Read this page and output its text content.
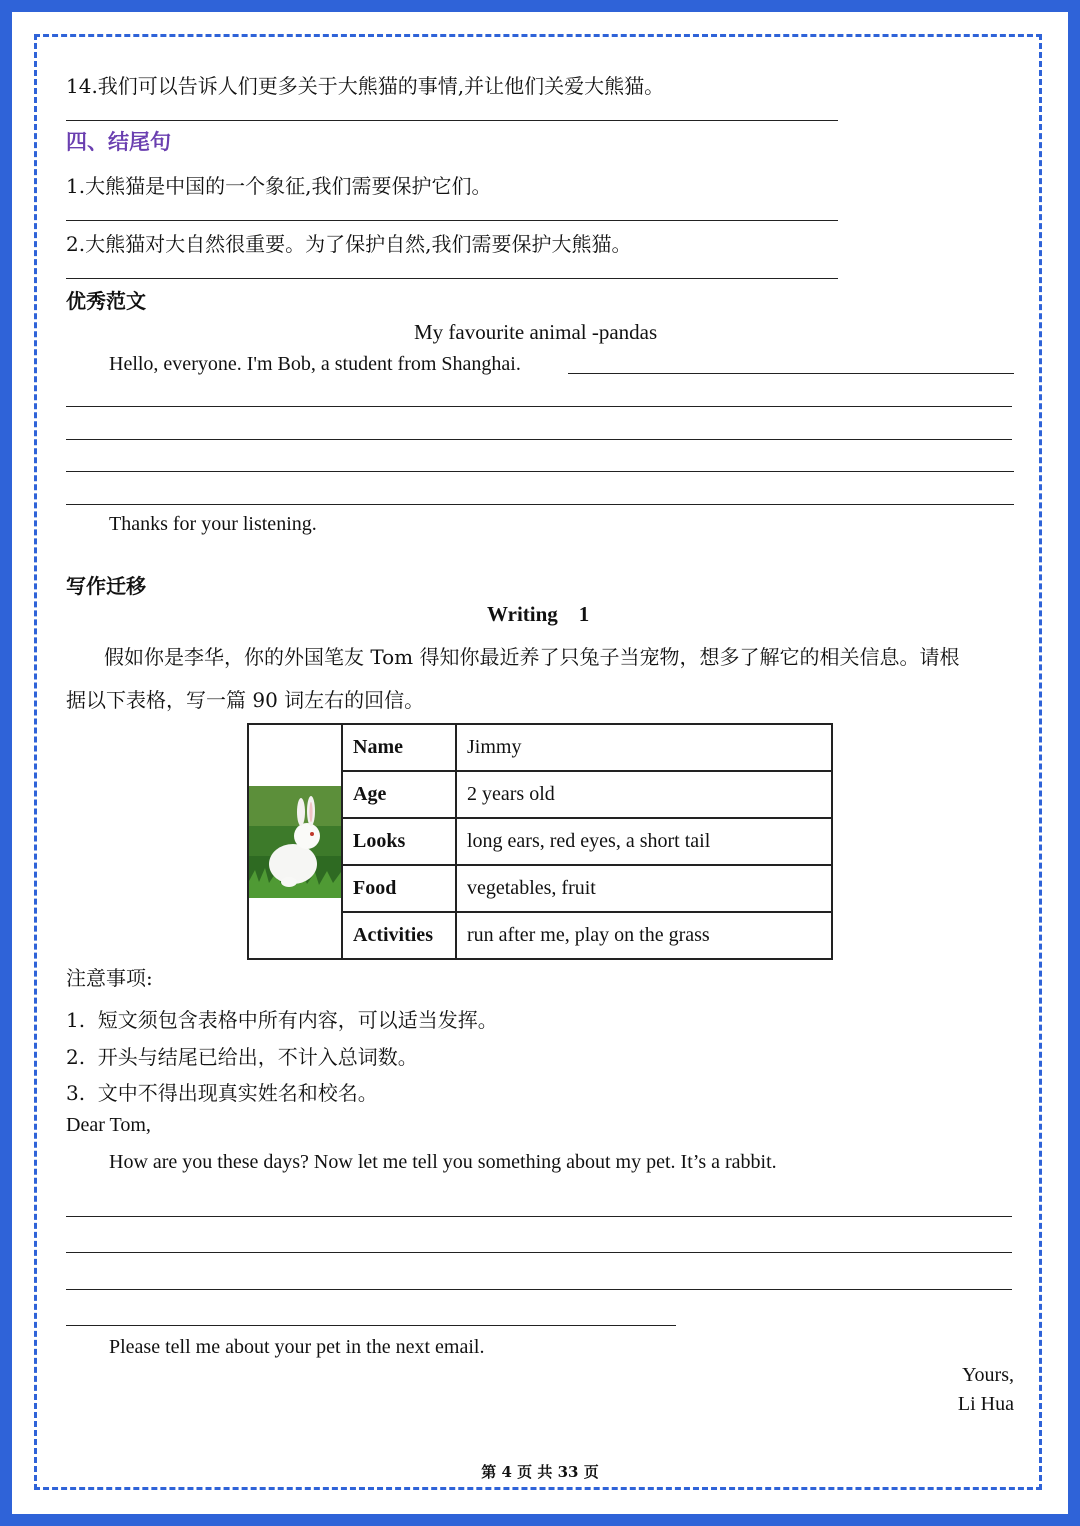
14.我们可以告诉人们更多关于大熊猫的事情,并让他们关爱大熊猫。
四、结尾句
1.大熊猫是中国的一个象征,我们需要保护它们。
2.大熊猫对大自然很重要。为了保护自然,我们需要保护大熊猫。
优秀范文
My favourite animal -pandas
Hello, everyone. I'm Bob, a student from Shanghai.
Thanks for your listening.
写作迁移
Writing    1
假如你是李华，你的外国笔友 Tom 得知你最近养了只兔子当宠物，想多了解它的相关信息。请根
据以下表格，写一篇 90 词左右的回信。
	Name	Jimmy
	Age	2 years old
	Looks	long ears, red eyes, a short tail
	Food	vegetables, fruit
	Activities	run after me, play on the grass
注意事项:
1.  短文须包含表格中所有内容，可以适当发挥。
2.  开头与结尾已给出，不计入总词数。
3.  文中不得出现真实姓名和校名。
Dear Tom,
How are you these days? Now let me tell you something about my pet. It’s a rabbit.
Please tell me about your pet in the next email.
Yours,
Li Hua
第 4 页 共 33 页
